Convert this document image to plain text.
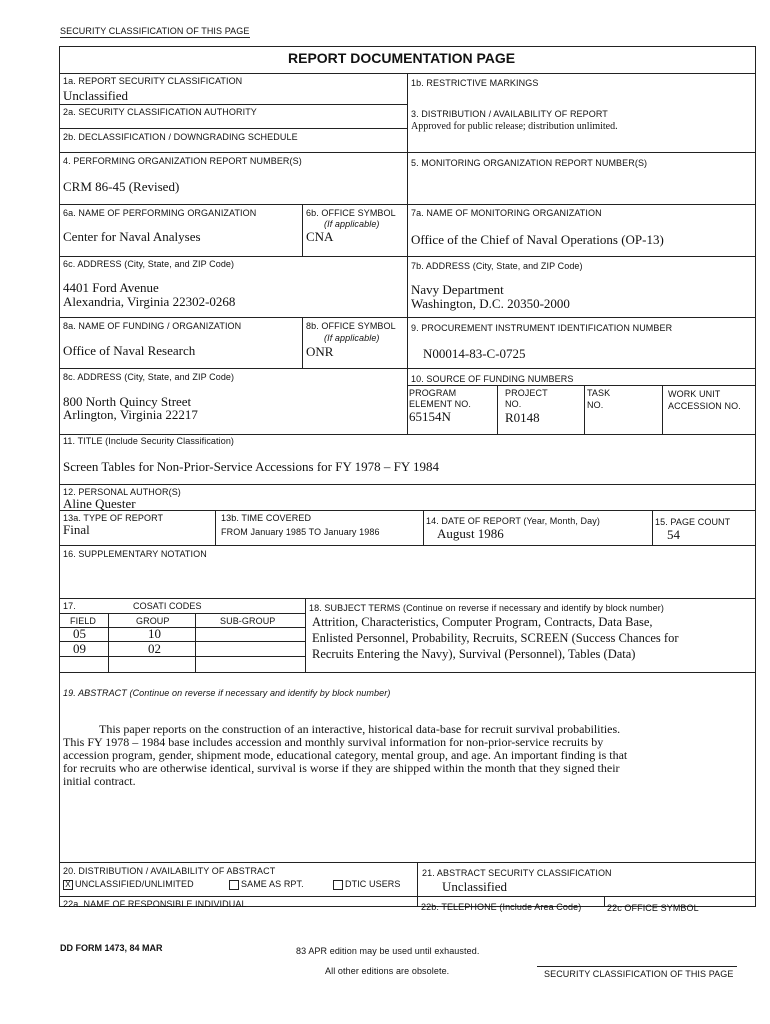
SECURITY CLASSIFICATION OF THIS PAGE
REPORT DOCUMENTATION PAGE
1a. REPORT SECURITY CLASSIFICATION
Unclassified
1b. RESTRICTIVE MARKINGS
2a. SECURITY CLASSIFICATION AUTHORITY
2b. DECLASSIFICATION / DOWNGRADING SCHEDULE
3. DISTRIBUTION / AVAILABILITY OF REPORT
Approved for public release; distribution unlimited.
4. PERFORMING ORGANIZATION REPORT NUMBER(S)
CRM 86-45 (Revised)
5. MONITORING ORGANIZATION REPORT NUMBER(S)
6a. NAME OF PERFORMING ORGANIZATION
Center for Naval Analyses
6b. OFFICE SYMBOL
(If applicable)
CNA
7a. NAME OF MONITORING ORGANIZATION
Office of the Chief of Naval Operations (OP-13)
6c. ADDRESS (City, State, and ZIP Code)
4401 Ford Avenue
Alexandria, Virginia 22302-0268
7b. ADDRESS (City, State, and ZIP Code)
Navy Department
Washington, D.C. 20350-2000
8a. NAME OF FUNDING / ORGANIZATION
Office of Naval Research
8b. OFFICE SYMBOL
(If applicable)
ONR
9. PROCUREMENT INSTRUMENT IDENTIFICATION NUMBER
N00014-83-C-0725
8c. ADDRESS (City, State, and ZIP Code)
800 North Quincy Street
Arlington, Virginia 22217
10. SOURCE OF FUNDING NUMBERS
PROGRAM
ELEMENT NO.
65154N
PROJECT
NO.
R0148
TASK
NO.
WORK UNIT
ACCESSION NO.
11. TITLE (Include Security Classification)
Screen Tables for Non-Prior-Service Accessions for FY 1978 – FY 1984
12. PERSONAL AUTHOR(S)
Aline Quester
13a. TYPE OF REPORT
Final
13b. TIME COVERED
FROM January 1985 TO January 1986
14. DATE OF REPORT (Year, Month, Day)
August 1986
15. PAGE COUNT
54
16. SUPPLEMENTARY NOTATION
17.	COSATI CODES
FIELD	GROUP	SUB-GROUP
05	10
09	02
18. SUBJECT TERMS (Continue on reverse if necessary and identify by block number)
Attrition, Characteristics, Computer Program, Contracts, Data Base,
Enlisted Personnel, Probability, Recruits, SCREEN (Success Chances for
Recruits Entering the Navy), Survival (Personnel), Tables (Data)
19. ABSTRACT (Continue on reverse if necessary and identify by block number)
This paper reports on the construction of an interactive, historical data-base for recruit survival probabilities.
This FY 1978 – 1984 base includes accession and monthly survival information for non-prior-service recruits by
accession program, gender, shipment mode, educational category, mental group, and age. An important finding is that
for recruits who are otherwise identical, survival is worse if they are shipped within the month that they signed their
initial contract.
20. DISTRIBUTION / AVAILABILITY OF ABSTRACT
X UNCLASSIFIED/UNLIMITED	SAME AS RPT.	DTIC USERS
21. ABSTRACT SECURITY CLASSIFICATION
Unclassified
22a. NAME OF RESPONSIBLE INDIVIDUAL	22b. TELEPHONE (Include Area Code)	22c OFFICE SYMBOL
DD FORM 1473, 84 MAR	83 APR edition may be used until exhausted.
All other editions are obsolete.	SECURITY CLASSIFICATION OF THIS PAGE
